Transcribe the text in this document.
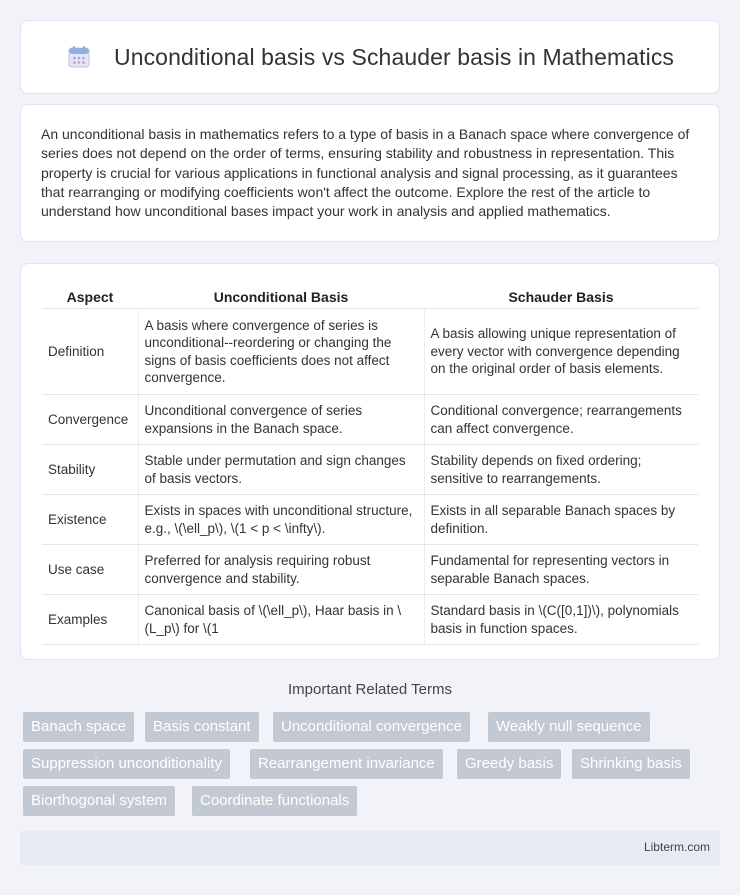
Unconditional basis vs Schauder basis in Mathematics

An unconditional basis in mathematics refers to a type of basis in a Banach space where convergence of series does not depend on the order of terms, ensuring stability and robustness in representation. This property is crucial for various applications in functional analysis and signal processing, as it guarantees that rearranging or modifying coefficients won't affect the outcome. Explore the rest of the article to understand how unconditional bases impact your work in analysis and applied mathematics.

Aspect	Unconditional Basis	Schauder Basis
Definition	A basis where convergence of series is unconditional--reordering or changing the signs of basis coefficients does not affect convergence.	A basis allowing unique representation of every vector with convergence depending on the original order of basis elements.
Convergence	Unconditional convergence of series expansions in the Banach space.	Conditional convergence; rearrangements can affect convergence.
Stability	Stable under permutation and sign changes of basis vectors.	Stability depends on fixed ordering; sensitive to rearrangements.
Existence	Exists in spaces with unconditional structure, e.g., \(\ell_p\), \(1 < p < \infty\).	Exists in all separable Banach spaces by definition.
Use case	Preferred for analysis requiring robust convergence and stability.	Fundamental for representing vectors in separable Banach spaces.
Examples	Canonical basis of \(\ell_p\), Haar basis in \(L_p\) for \(1	Standard basis in \(C([0,1])\), polynomials basis in function spaces.
Important Related Terms
Banach space	Basis constant	Unconditional convergence	Weakly null sequence
Suppression unconditionality	Rearrangement invariance	Greedy basis	Shrinking basis
Biorthogonal system	Coordinate functionals
Libterm.com
